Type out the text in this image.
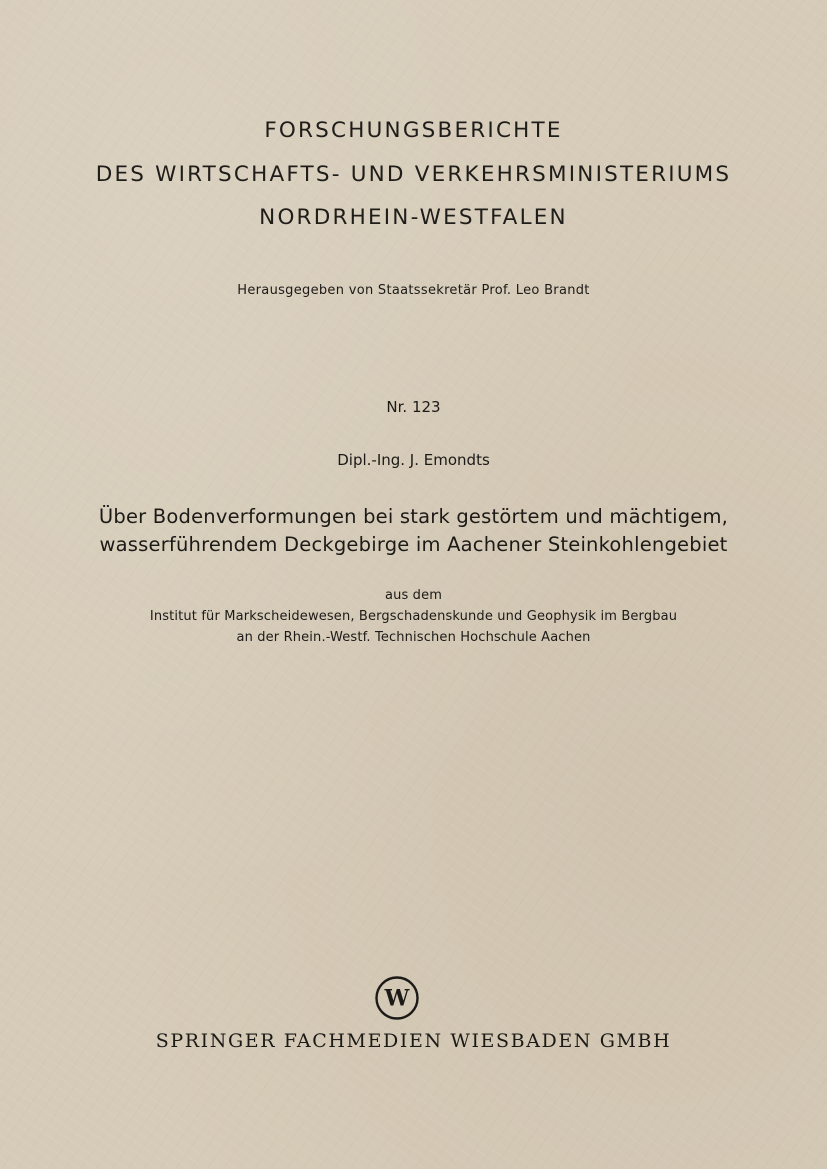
FORSCHUNGSBERICHTE
DES WIRTSCHAFTS- UND VERKEHRSMINISTERIUMS
NORDRHEIN-WESTFALEN
Herausgegeben von Staatssekretär Prof. Leo Brandt
Nr. 123
Dipl.-Ing. J. Emondts
Über Bodenverformungen bei stark gestörtem und mächtigem,
wasserführendem Deckgebirge im Aachener Steinkohlengebiet
aus dem
Institut für Markscheidewesen, Bergschadenskunde und Geophysik im Bergbau
an der Rhein.-Westf. Technischen Hochschule Aachen
W
SPRINGER FACHMEDIEN WIESBADEN GMBH
